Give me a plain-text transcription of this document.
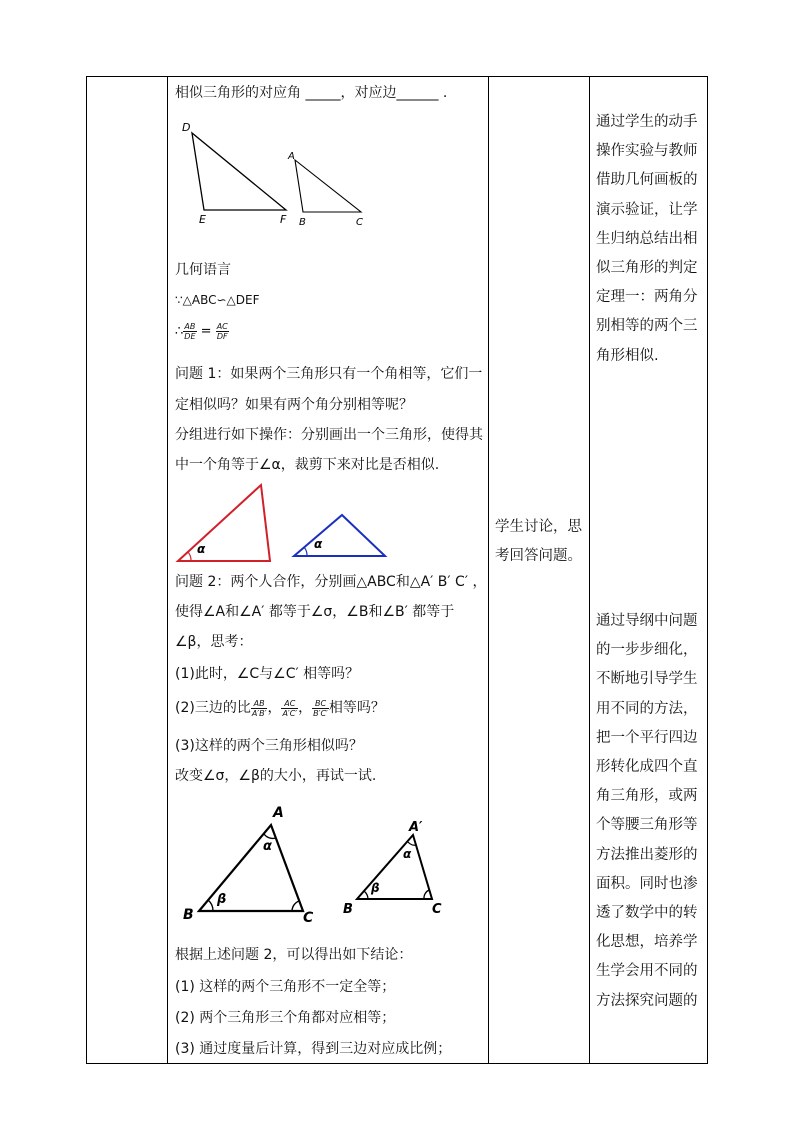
相似三角形的对应角 _____，对应边______ .
D
E	F
A
B	C
几何语言
∵△ABC∽△DEF
∴ $\frac{AB}{DE} = \frac{AC}{DF}$
问题 1：如果两个三角形只有一个角相等，它们一
定相似吗？如果有两个角分别相等呢？
分组进行如下操作：分别画出一个三角形，使得其
中一个角等于∠α，裁剪下来对比是否相似.
α	α
问题 2：两个人合作，分别画△ABC和△A′ B′ C′ ，
使得∠A和∠A′ 都等于∠σ，∠B和∠B′ 都等于
∠β，思考：
(1)此时，∠C与∠C′ 相等吗？
(2)三边的比 $\frac{AB}{A'B'}$ ， $\frac{AC}{A'C'}$ ， $\frac{BC}{B'C'}$ 相等吗？
(3)这样的两个三角形相似吗？
改变∠σ，∠β的大小，再试一试.
A
B	C
α
β
A′
B	C
α
β
根据上述问题 2，可以得出如下结论：
(1) 这样的两个三角形不一定全等；
(2) 两个三角形三个角都对应相等；
(3) 通过度量后计算，得到三边对应成比例；
学生讨论，思
考回答问题。
通过学生的动手
操作实验与教师
借助几何画板的
演示验证，让学
生归纳总结出相
似三角形的判定
定理一：两角分
别相等的两个三
角形相似.
通过导纲中问题
的一步步细化，
不断地引导学生
用不同的方法，
把一个平行四边
形转化成四个直
角三角形，或两
个等腰三角形等
方法推出菱形的
面积。同时也渗
透了数学中的转
化思想，培养学
生学会用不同的
方法探究问题的
